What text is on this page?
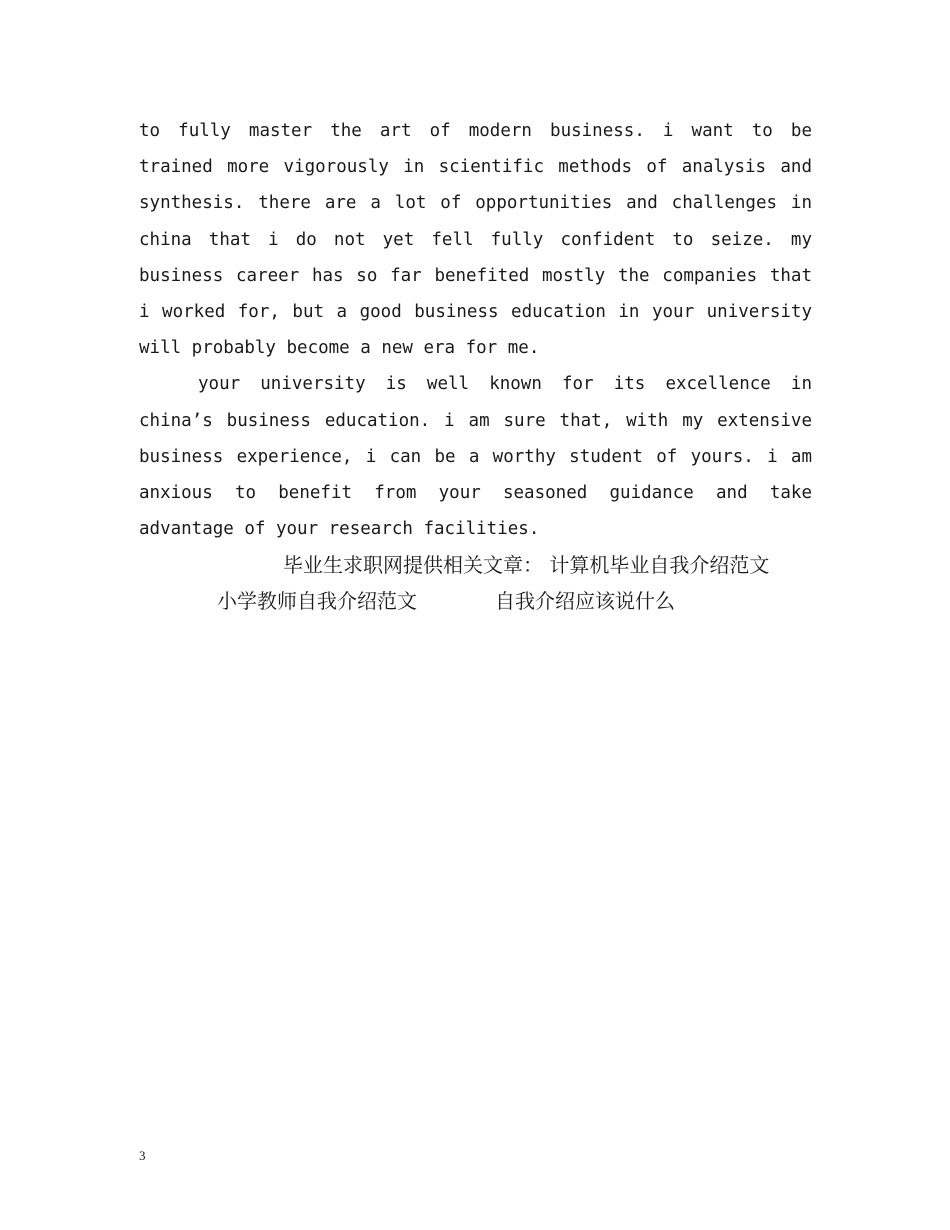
to fully master the art of modern business. i want to be trained more vigorously in scientific methods of analysis and synthesis. there are a lot of opportunities and challenges in china that i do not yet fell fully confident to seize. my business career has so far benefited mostly the companies that i worked for, but a good business education in your university will probably become a new era for me.

your university is well known for its excellence in china’s business education. i am sure that, with my extensive business experience, i can be a worthy student of yours. i am anxious to benefit from your seasoned guidance and take advantage of your research facilities.

毕业生求职网提供相关文章： 计算机毕业自我介绍范文小学教师自我介绍范文	自我介绍应该说什么

3
